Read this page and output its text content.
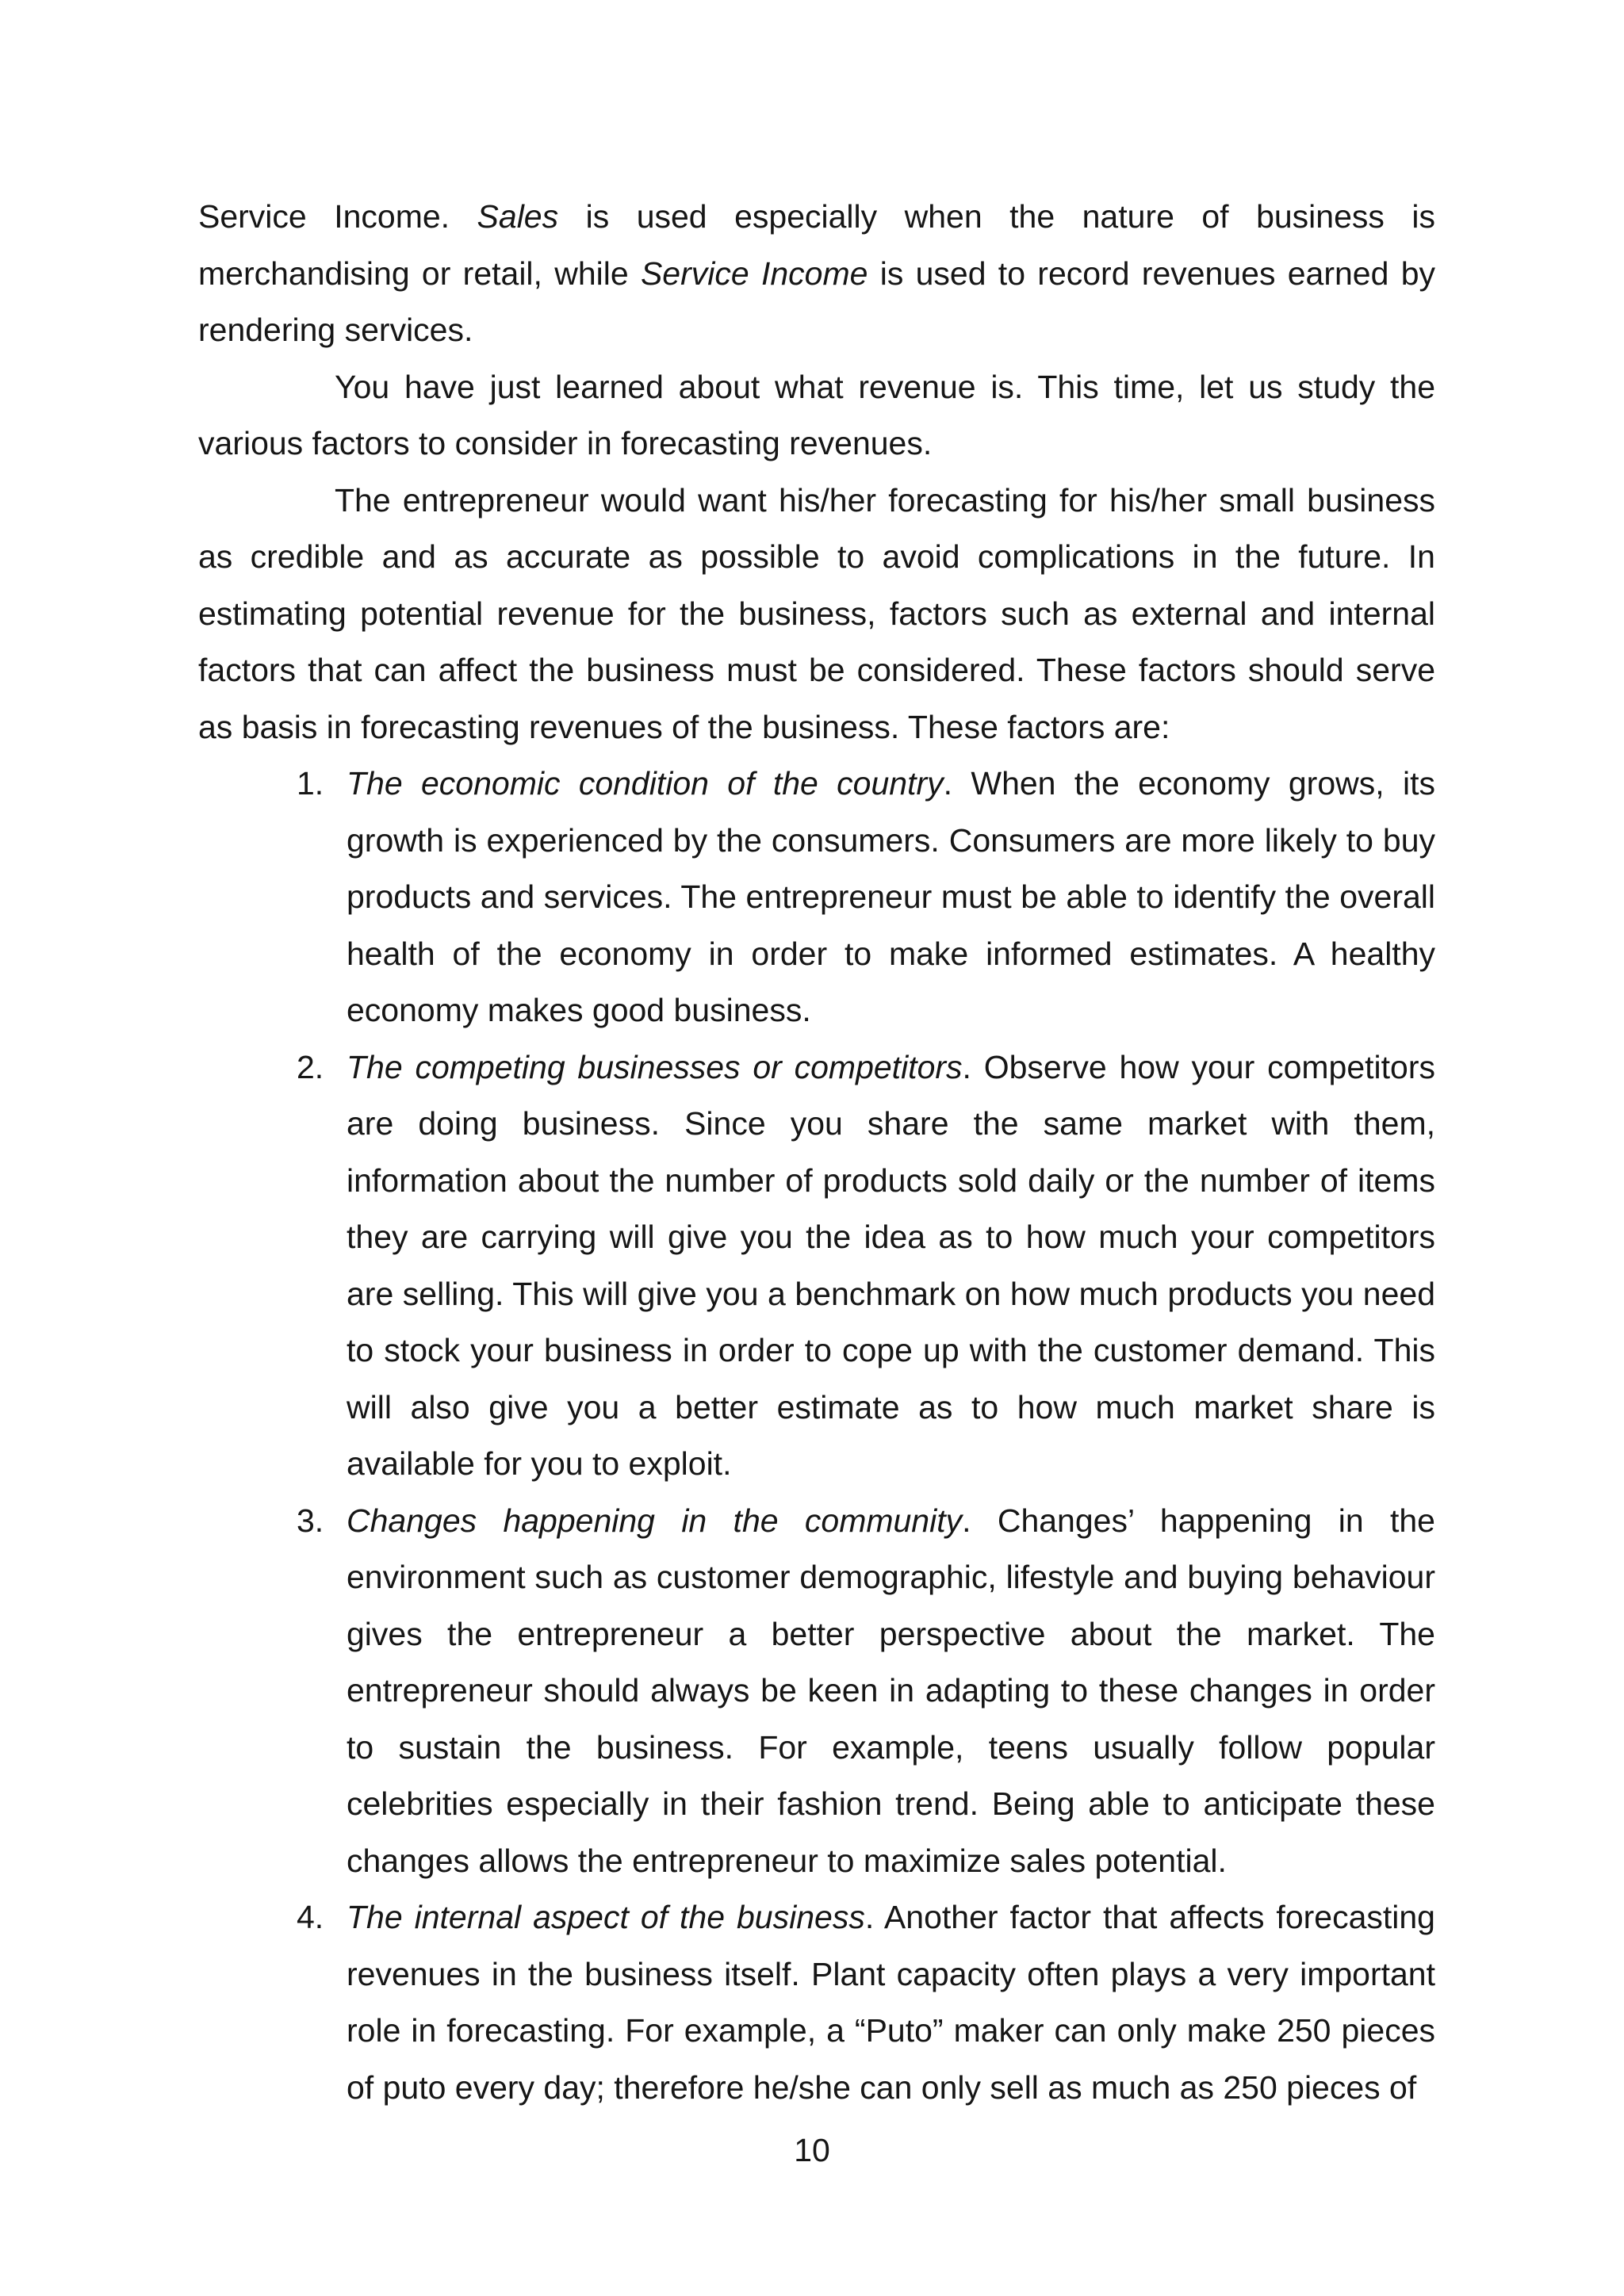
Service Income. Sales is used especially when the nature of business is merchandising or retail, while Service Income is used to record revenues earned by rendering services.

You have just learned about what revenue is. This time, let us study the various factors to consider in forecasting revenues.

The entrepreneur would want his/her forecasting for his/her small business as credible and as accurate as possible to avoid complications in the future. In estimating potential revenue for the business, factors such as external and internal factors that can affect the business must be considered. These factors should serve as basis in forecasting revenues of the business. These factors are:

1. The economic condition of the country. When the economy grows, its growth is experienced by the consumers. Consumers are more likely to buy products and services. The entrepreneur must be able to identify the overall health of the economy in order to make informed estimates. A healthy economy makes good business.
2. The competing businesses or competitors. Observe how your competitors are doing business. Since you share the same market with them, information about the number of products sold daily or the number of items they are carrying will give you the idea as to how much your competitors are selling. This will give you a benchmark on how much products you need to stock your business in order to cope up with the customer demand. This will also give you a better estimate as to how much market share is available for you to exploit.
3. Changes happening in the community. Changes’ happening in the environment such as customer demographic, lifestyle and buying behaviour gives the entrepreneur a better perspective about the market. The entrepreneur should always be keen in adapting to these changes in order to sustain the business. For example, teens usually follow popular celebrities especially in their fashion trend. Being able to anticipate these changes allows the entrepreneur to maximize sales potential.
4. The internal aspect of the business. Another factor that affects forecasting revenues in the business itself. Plant capacity often plays a very important role in forecasting. For example, a “Puto” maker can only make 250 pieces of puto every day; therefore he/she can only sell as much as 250 pieces of
10
